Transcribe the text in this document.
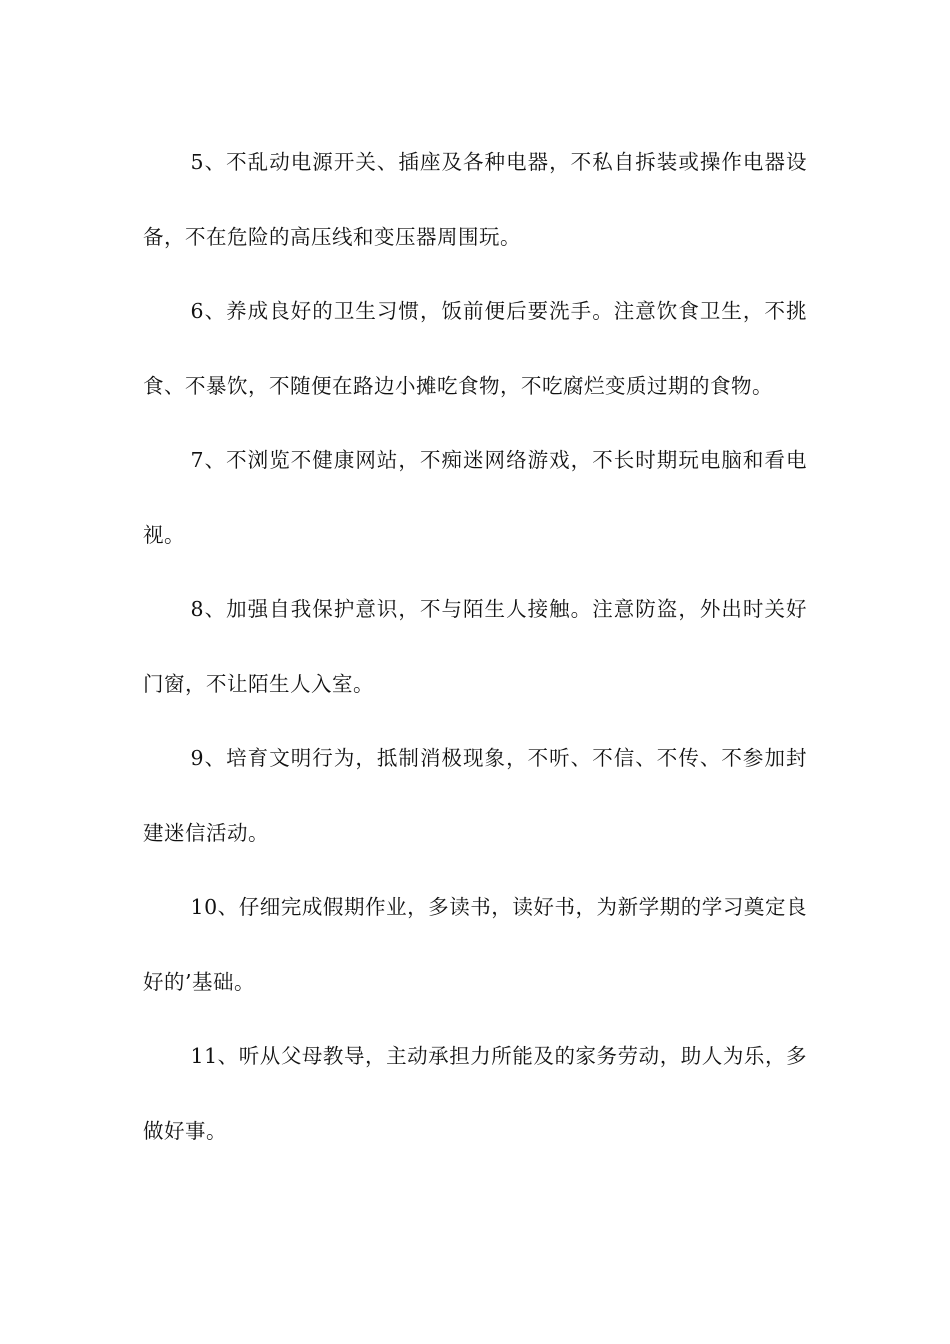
5、不乱动电源开关、插座及各种电器，不私自拆装或操作电器设备，不在危险的高压线和变压器周围玩。

6、养成良好的卫生习惯，饭前便后要洗手。注意饮食卫生，不挑食、不暴饮，不随便在路边小摊吃食物，不吃腐烂变质过期的食物。

7、不浏览不健康网站，不痴迷网络游戏，不长时期玩电脑和看电视。

8、加强自我保护意识，不与陌生人接触。注意防盗，外出时关好门窗，不让陌生人入室。

9、培育文明行为，抵制消极现象，不听、不信、不传、不参加封建迷信活动。

10、仔细完成假期作业，多读书，读好书，为新学期的学习奠定良好的’基础。

11、听从父母教导，主动承担力所能及的家务劳动，助人为乐，多做好事。
